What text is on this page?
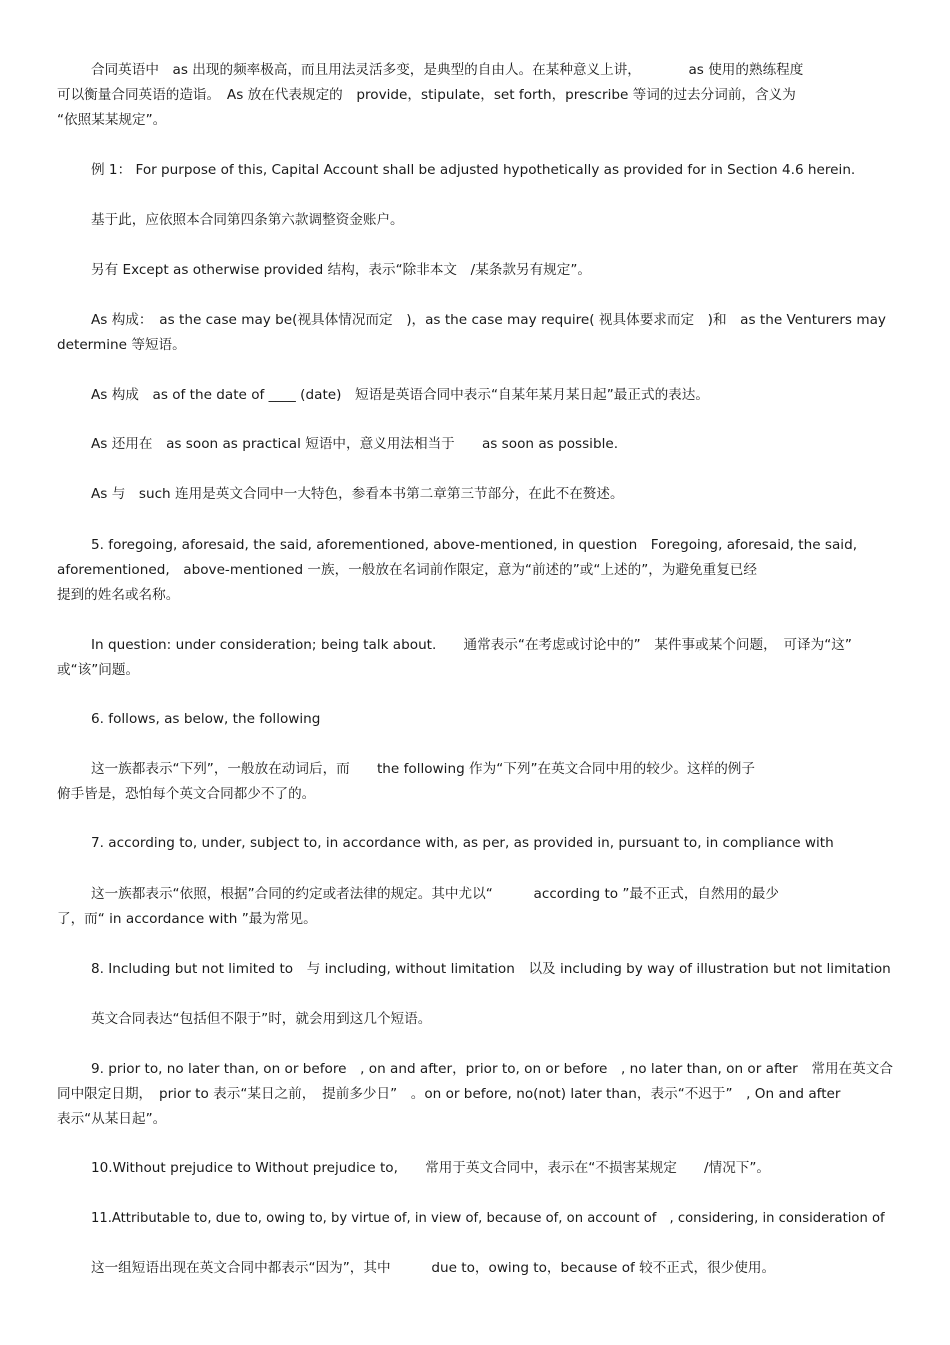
合同英语中　as 出现的频率极高，而且用法灵活多变，是典型的自由人。在某种意义上讲，　　　　as 使用的熟练程度
可以衡量合同英语的造诣。　As 放在代表规定的　provide，stipulate，set forth，prescribe 等词的过去分词前，含义为
“依照某某规定”。

例 1： For purpose of this, Capital Account shall be adjusted hypothetically as provided for in Section 4.6 herein.

基于此，应依照本合同第四条第六款调整资金账户。

另有 Except as otherwise provided 结构，表示“除非本文　/某条款另有规定”。

As 构成：　as the case may be(视具体情况而定　)，as the case may require( 视具体要求而定　)和　as the Venturers may
determine 等短语。

As 构成　as of the date of ____ (date)　短语是英语合同中表示“自某年某月某日起”最正式的表达。

As 还用在　as soon as practical 短语中，意义用法相当于　　as soon as possible.

As 与　such 连用是英文合同中一大特色，参看本书第二章第三节部分，在此不在赘述。

5. foregoing, aforesaid, the said, aforementioned, above-mentioned, in question　Foregoing, aforesaid, the said,
aforementioned,　above-mentioned 一族，一般放在名词前作限定，意为“前述的”或“上述的”，为避免重复已经
提到的姓名或名称。

In question: under consideration; being talk about.　　通常表示“在考虑或讨论中的”　某件事或某个问题，　可译为“这”
或“该”问题。

6. follows, as below, the following

这一族都表示“下列”，一般放在动词后，而　　the following 作为“下列”在英文合同中用的较少。这样的例子
俯手皆是，恐怕每个英文合同都少不了的。

7. according to, under, subject to, in accordance with, as per, as provided in, pursuant to, in compliance with

这一族都表示“依照，根据”合同的约定或者法律的规定。其中尤以“　　　according to ”最不正式，自然用的最少
了，而“ in accordance with ”最为常见。

8. Including but not limited to　与 including, without limitation　以及 including by way of illustration but not limitation

英文合同表达“包括但不限于”时，就会用到这几个短语。

9. prior to, no later than, on or before　, on and after，prior to, on or before　, no later than, on or after　常用在英文合
同中限定日期，　prior to 表示“某日之前，　提前多少日”　。on or before, no(not) later than，表示“不迟于”　, On and after
表示“从某日起”。

10.Without prejudice to Without prejudice to,　　常用于英文合同中，表示在“不损害某规定　　/情况下”。

11.Attributable to, due to, owing to, by virtue of, in view of, because of, on account of　, considering, in consideration of

这一组短语出现在英文合同中都表示“因为”，其中　　　due to，owing to，because of 较不正式，很少使用。
